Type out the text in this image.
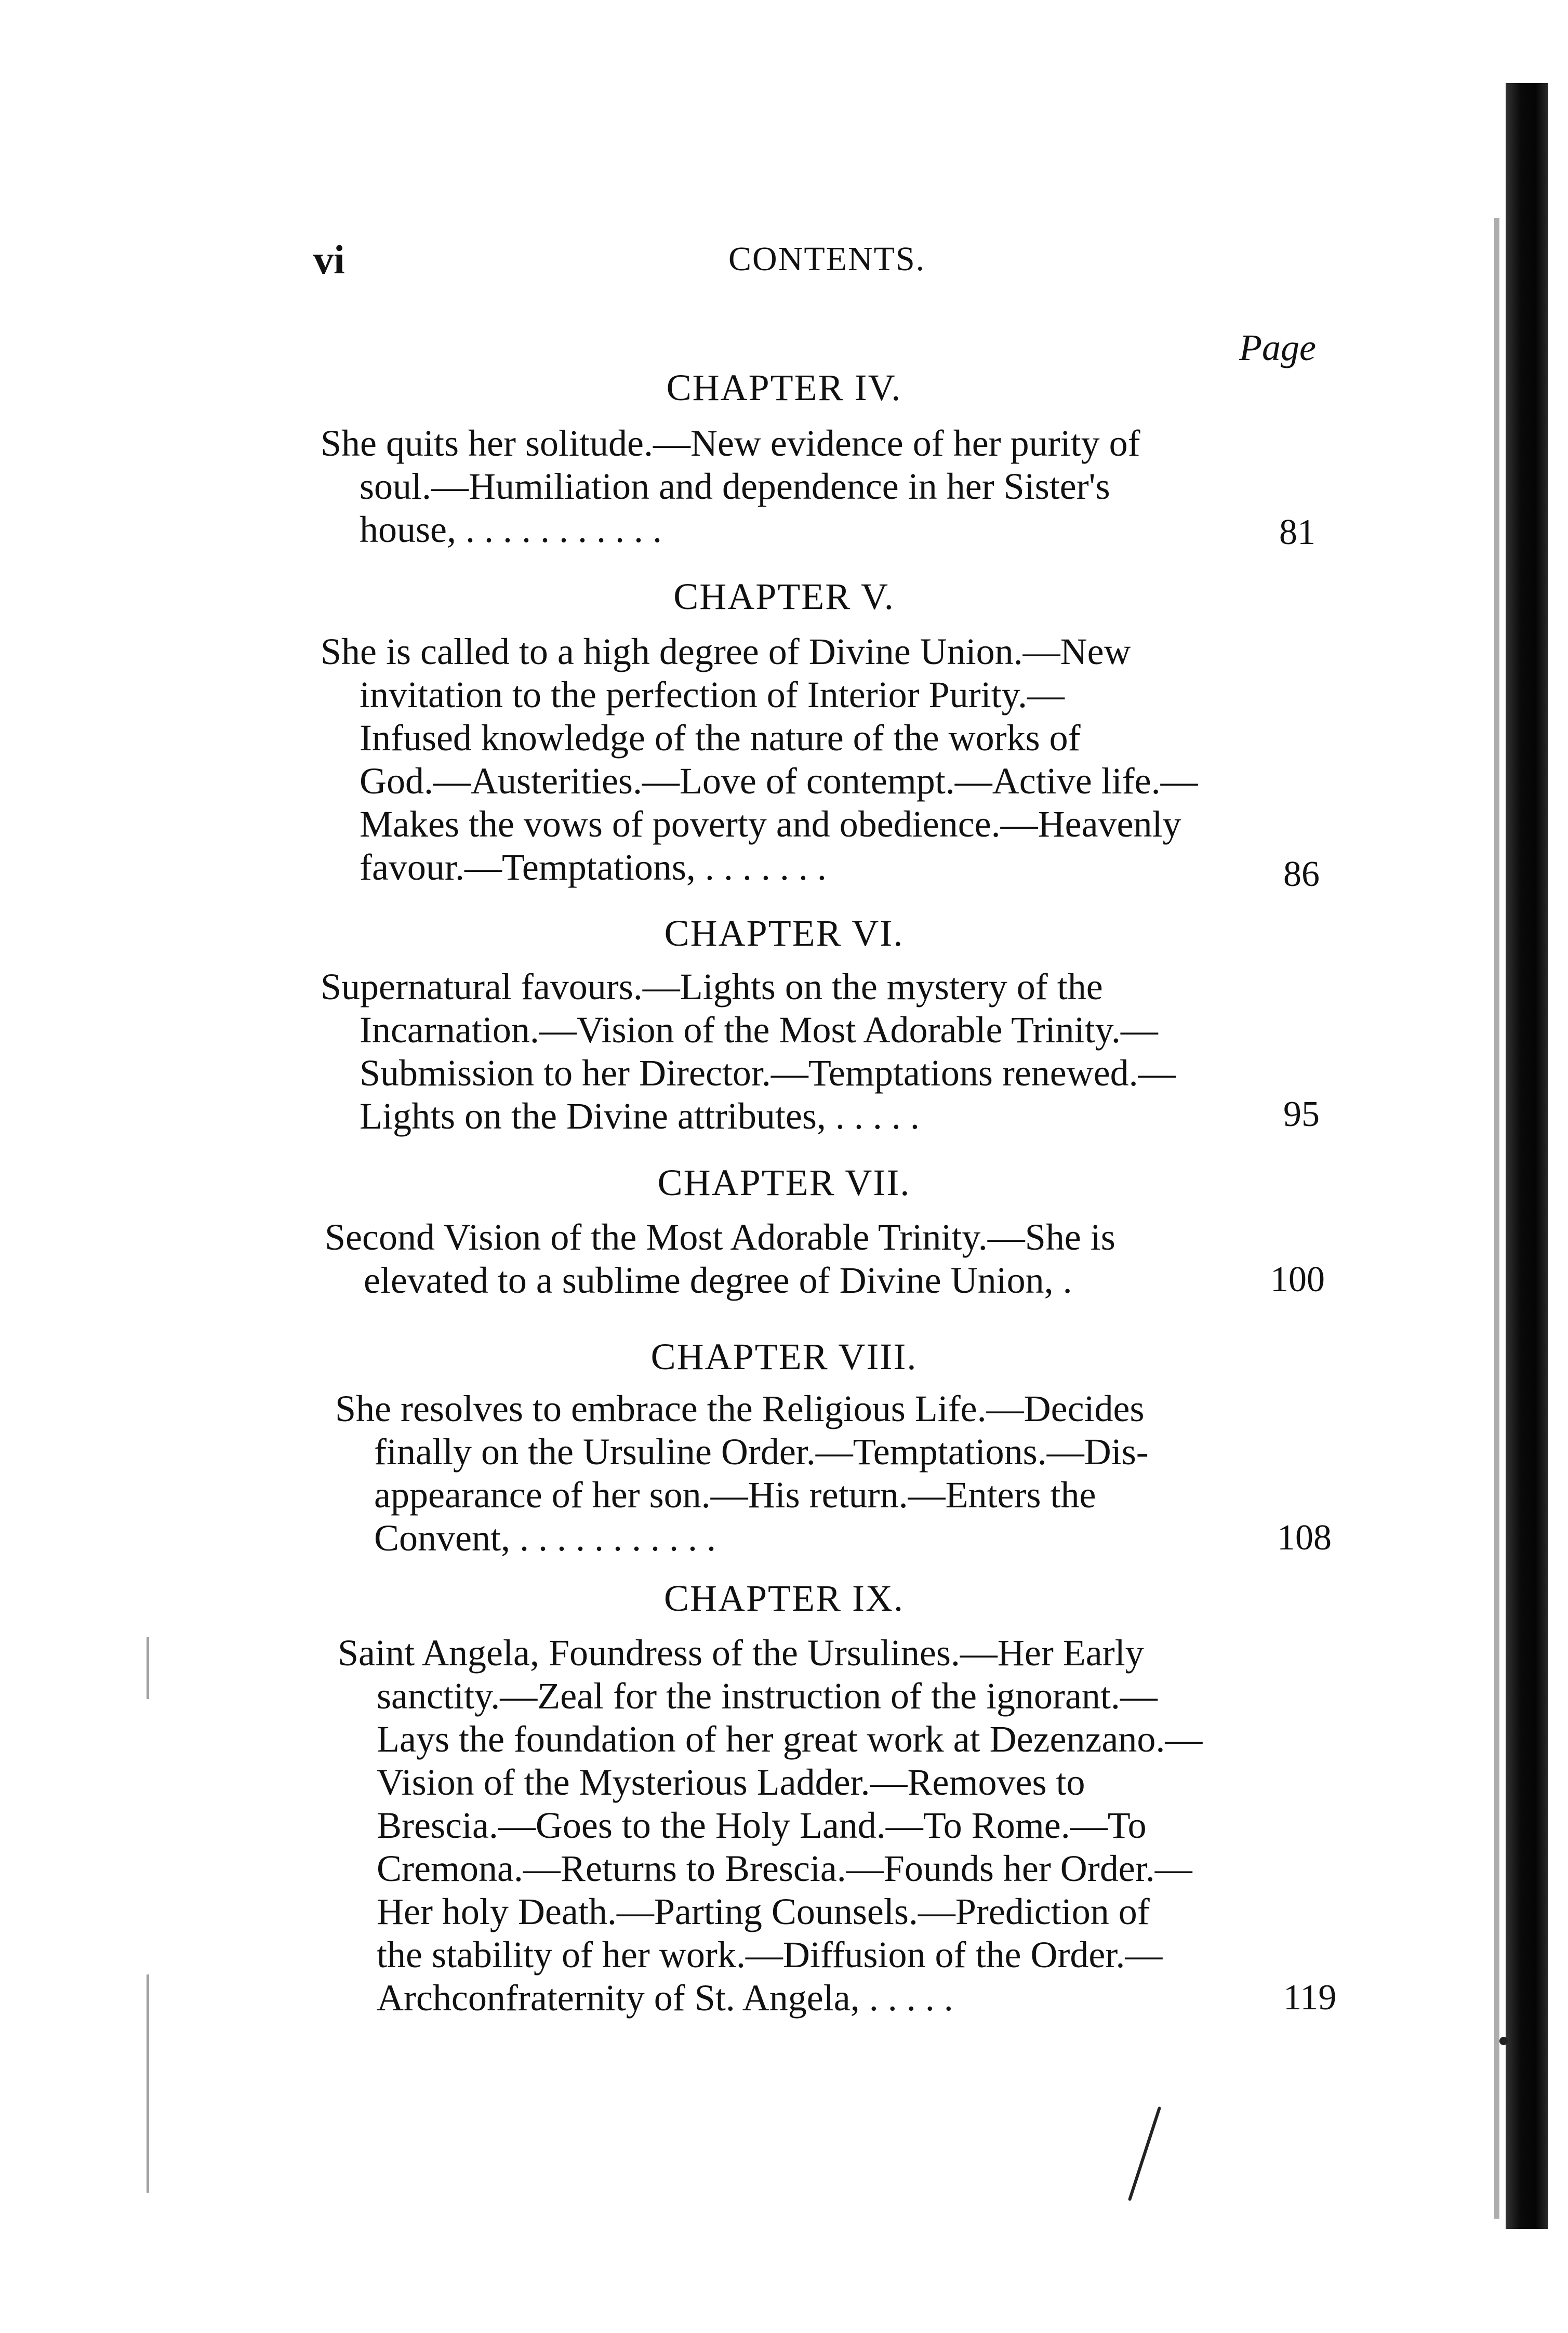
vi	CONTENTS.
Page
CHAPTER IV.
She quits her solitude.—New evidence of her purity of
soul.—Humiliation and dependence in her Sister's
house, . . . . . . . . . . .	81
CHAPTER V.
She is called to a high degree of Divine Union.—New
invitation to the perfection of Interior Purity.—
Infused knowledge of the nature of the works of
God.—Austerities.—Love of contempt.—Active life.—
Makes the vows of poverty and obedience.—Heavenly
favour.—Temptations, . . . . . . .	86
CHAPTER VI.
Supernatural favours.—Lights on the mystery of the
Incarnation.—Vision of the Most Adorable Trinity.—
Submission to her Director.—Temptations renewed.—
Lights on the Divine attributes, . . . . .	95
CHAPTER VII.
Second Vision of the Most Adorable Trinity.—She is
elevated to a sublime degree of Divine Union, .	100
CHAPTER VIII.
She resolves to embrace the Religious Life.—Decides
finally on the Ursuline Order.—Temptations.—Dis-
appearance of her son.—His return.—Enters the
Convent, . . . . . . . . . . .	108
CHAPTER IX.
Saint Angela, Foundress of the Ursulines.—Her Early
sanctity.—Zeal for the instruction of the ignorant.—
Lays the foundation of her great work at Dezenzano.—
Vision of the Mysterious Ladder.—Removes to
Brescia.—Goes to the Holy Land.—To Rome.—To
Cremona.—Returns to Brescia.—Founds her Order.—
Her holy Death.—Parting Counsels.—Prediction of
the stability of her work.—Diffusion of the Order.—
Archconfraternity of St. Angela, . . . . .	119
